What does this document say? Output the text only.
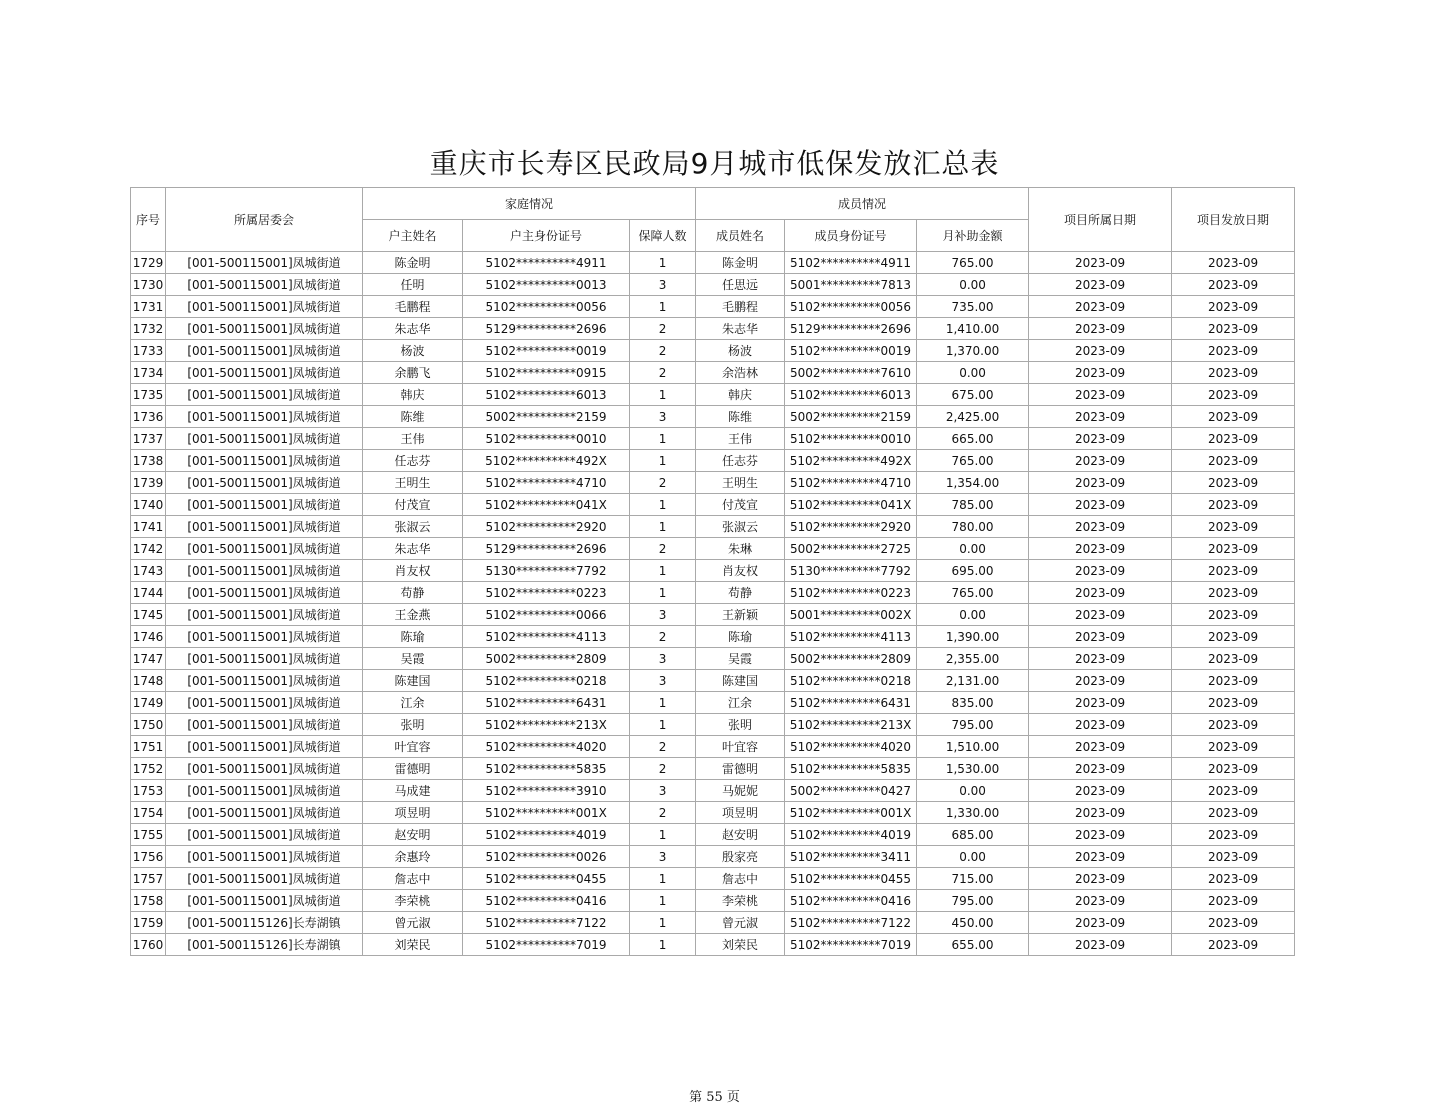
重庆市长寿区民政局9月城市低保发放汇总表
序号	所属居委会	家庭情况			成员情况			项目所属日期	项目发放日期
		户主姓名	户主身份证号	保障人数	成员姓名	成员身份证号	月补助金额		
1729	[001-500115001]凤城街道	陈金明	5102**********4911	1	陈金明	5102**********4911	765.00	2023-09	2023-09
1730	[001-500115001]凤城街道	任明	5102**********0013	3	任思远	5001**********7813	0.00	2023-09	2023-09
1731	[001-500115001]凤城街道	毛鹏程	5102**********0056	1	毛鹏程	5102**********0056	735.00	2023-09	2023-09
1732	[001-500115001]凤城街道	朱志华	5129**********2696	2	朱志华	5129**********2696	1,410.00	2023-09	2023-09
1733	[001-500115001]凤城街道	杨波	5102**********0019	2	杨波	5102**********0019	1,370.00	2023-09	2023-09
1734	[001-500115001]凤城街道	余鹏飞	5102**********0915	2	余浩林	5002**********7610	0.00	2023-09	2023-09
1735	[001-500115001]凤城街道	韩庆	5102**********6013	1	韩庆	5102**********6013	675.00	2023-09	2023-09
1736	[001-500115001]凤城街道	陈维	5002**********2159	3	陈维	5002**********2159	2,425.00	2023-09	2023-09
1737	[001-500115001]凤城街道	王伟	5102**********0010	1	王伟	5102**********0010	665.00	2023-09	2023-09
1738	[001-500115001]凤城街道	任志芬	5102**********492X	1	任志芬	5102**********492X	765.00	2023-09	2023-09
1739	[001-500115001]凤城街道	王明生	5102**********4710	2	王明生	5102**********4710	1,354.00	2023-09	2023-09
1740	[001-500115001]凤城街道	付茂宣	5102**********041X	1	付茂宣	5102**********041X	785.00	2023-09	2023-09
1741	[001-500115001]凤城街道	张淑云	5102**********2920	1	张淑云	5102**********2920	780.00	2023-09	2023-09
1742	[001-500115001]凤城街道	朱志华	5129**********2696	2	朱琳	5002**********2725	0.00	2023-09	2023-09
1743	[001-500115001]凤城街道	肖友权	5130**********7792	1	肖友权	5130**********7792	695.00	2023-09	2023-09
1744	[001-500115001]凤城街道	苟静	5102**********0223	1	苟静	5102**********0223	765.00	2023-09	2023-09
1745	[001-500115001]凤城街道	王金燕	5102**********0066	3	王新颖	5001**********002X	0.00	2023-09	2023-09
1746	[001-500115001]凤城街道	陈瑜	5102**********4113	2	陈瑜	5102**********4113	1,390.00	2023-09	2023-09
1747	[001-500115001]凤城街道	吴霞	5002**********2809	3	吴霞	5002**********2809	2,355.00	2023-09	2023-09
1748	[001-500115001]凤城街道	陈建国	5102**********0218	3	陈建国	5102**********0218	2,131.00	2023-09	2023-09
1749	[001-500115001]凤城街道	江余	5102**********6431	1	江余	5102**********6431	835.00	2023-09	2023-09
1750	[001-500115001]凤城街道	张明	5102**********213X	1	张明	5102**********213X	795.00	2023-09	2023-09
1751	[001-500115001]凤城街道	叶宜容	5102**********4020	2	叶宜容	5102**********4020	1,510.00	2023-09	2023-09
1752	[001-500115001]凤城街道	雷德明	5102**********5835	2	雷德明	5102**********5835	1,530.00	2023-09	2023-09
1753	[001-500115001]凤城街道	马成建	5102**********3910	3	马妮妮	5002**********0427	0.00	2023-09	2023-09
1754	[001-500115001]凤城街道	项昱明	5102**********001X	2	项昱明	5102**********001X	1,330.00	2023-09	2023-09
1755	[001-500115001]凤城街道	赵安明	5102**********4019	1	赵安明	5102**********4019	685.00	2023-09	2023-09
1756	[001-500115001]凤城街道	余惠玲	5102**********0026	3	殷家亮	5102**********3411	0.00	2023-09	2023-09
1757	[001-500115001]凤城街道	詹志中	5102**********0455	1	詹志中	5102**********0455	715.00	2023-09	2023-09
1758	[001-500115001]凤城街道	李荣桃	5102**********0416	1	李荣桃	5102**********0416	795.00	2023-09	2023-09
1759	[001-500115126]长寿湖镇	曾元淑	5102**********7122	1	曾元淑	5102**********7122	450.00	2023-09	2023-09
1760	[001-500115126]长寿湖镇	刘荣民	5102**********7019	1	刘荣民	5102**********7019	655.00	2023-09	2023-09
第 55 页
